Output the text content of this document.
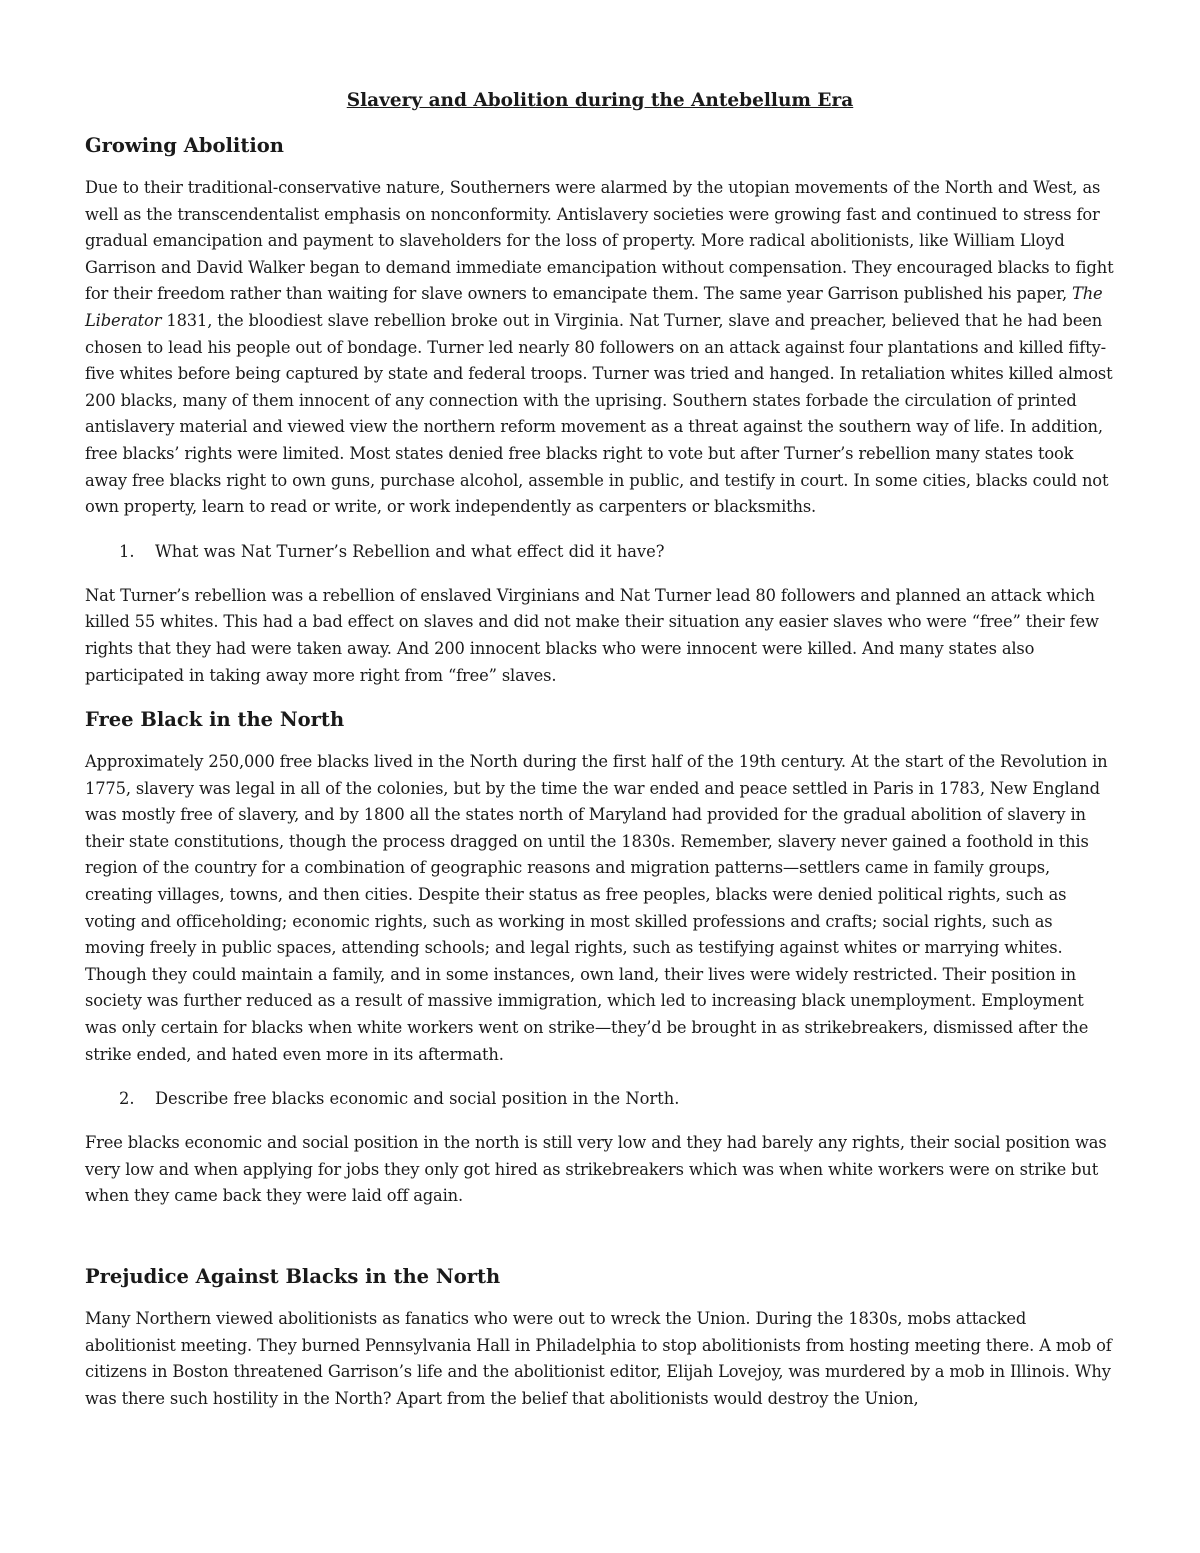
Slavery and Abolition during the Antebellum Era
Growing Abolition

Due to their traditional-conservative nature, Southerners were alarmed by the utopian movements of the North and West, as well as the transcendentalist emphasis on nonconformity. Antislavery societies were growing fast and continued to stress for gradual emancipation and payment to slaveholders for the loss of property. More radical abolitionists, like William Lloyd Garrison and David Walker began to demand immediate emancipation without compensation. They encouraged blacks to fight for their freedom rather than waiting for slave owners to emancipate them. The same year Garrison published his paper, The Liberator 1831, the bloodiest slave rebellion broke out in Virginia. Nat Turner, slave and preacher, believed that he had been chosen to lead his people out of bondage. Turner led nearly 80 followers on an attack against four plantations and killed fifty-five whites before being captured by state and federal troops. Turner was tried and hanged. In retaliation whites killed almost 200 blacks, many of them innocent of any connection with the uprising. Southern states forbade the circulation of printed antislavery material and viewed view the northern reform movement as a threat against the southern way of life. In addition, free blacks’ rights were limited. Most states denied free blacks right to vote but after Turner’s rebellion many states took away free blacks right to own guns, purchase alcohol, assemble in public, and testify in court. In some cities, blacks could not own property, learn to read or write, or work independently as carpenters or blacksmiths.

1. What was Nat Turner’s Rebellion and what effect did it have?

Nat Turner’s rebellion was a rebellion of enslaved Virginians and Nat Turner lead 80 followers and planned an attack which killed 55 whites. This had a bad effect on slaves and did not make their situation any easier slaves who were “free” their few rights that they had were taken away. And 200 innocent blacks who were innocent were killed. And many states also participated in taking away more right from “free” slaves.

Free Black in the North

Approximately 250,000 free blacks lived in the North during the first half of the 19th century. At the start of the Revolution in 1775, slavery was legal in all of the colonies, but by the time the war ended and peace settled in Paris in 1783, New England was mostly free of slavery, and by 1800 all the states north of Maryland had provided for the gradual abolition of slavery in their state constitutions, though the process dragged on until the 1830s. Remember, slavery never gained a foothold in this region of the country for a combination of geographic reasons and migration patterns—settlers came in family groups, creating villages, towns, and then cities. Despite their status as free peoples, blacks were denied political rights, such as voting and officeholding; economic rights, such as working in most skilled professions and crafts; social rights, such as moving freely in public spaces, attending schools; and legal rights, such as testifying against whites or marrying whites. Though they could maintain a family, and in some instances, own land, their lives were widely restricted. Their position in society was further reduced as a result of massive immigration, which led to increasing black unemployment. Employment was only certain for blacks when white workers went on strike—they’d be brought in as strikebreakers, dismissed after the strike ended, and hated even more in its aftermath.

2. Describe free blacks economic and social position in the North.

Free blacks economic and social position in the north is still very low and they had barely any rights, their social position was very low and when applying for jobs they only got hired as strikebreakers which was when white workers were on strike but when they came back they were laid off again.

Prejudice Against Blacks in the North

Many Northern viewed abolitionists as fanatics who were out to wreck the Union. During the 1830s, mobs attacked abolitionist meeting. They burned Pennsylvania Hall in Philadelphia to stop abolitionists from hosting meeting there. A mob of citizens in Boston threatened Garrison’s life and the abolitionist editor, Elijah Lovejoy, was murdered by a mob in Illinois. Why was there such hostility in the North? Apart from the belief that abolitionists would destroy the Union,
